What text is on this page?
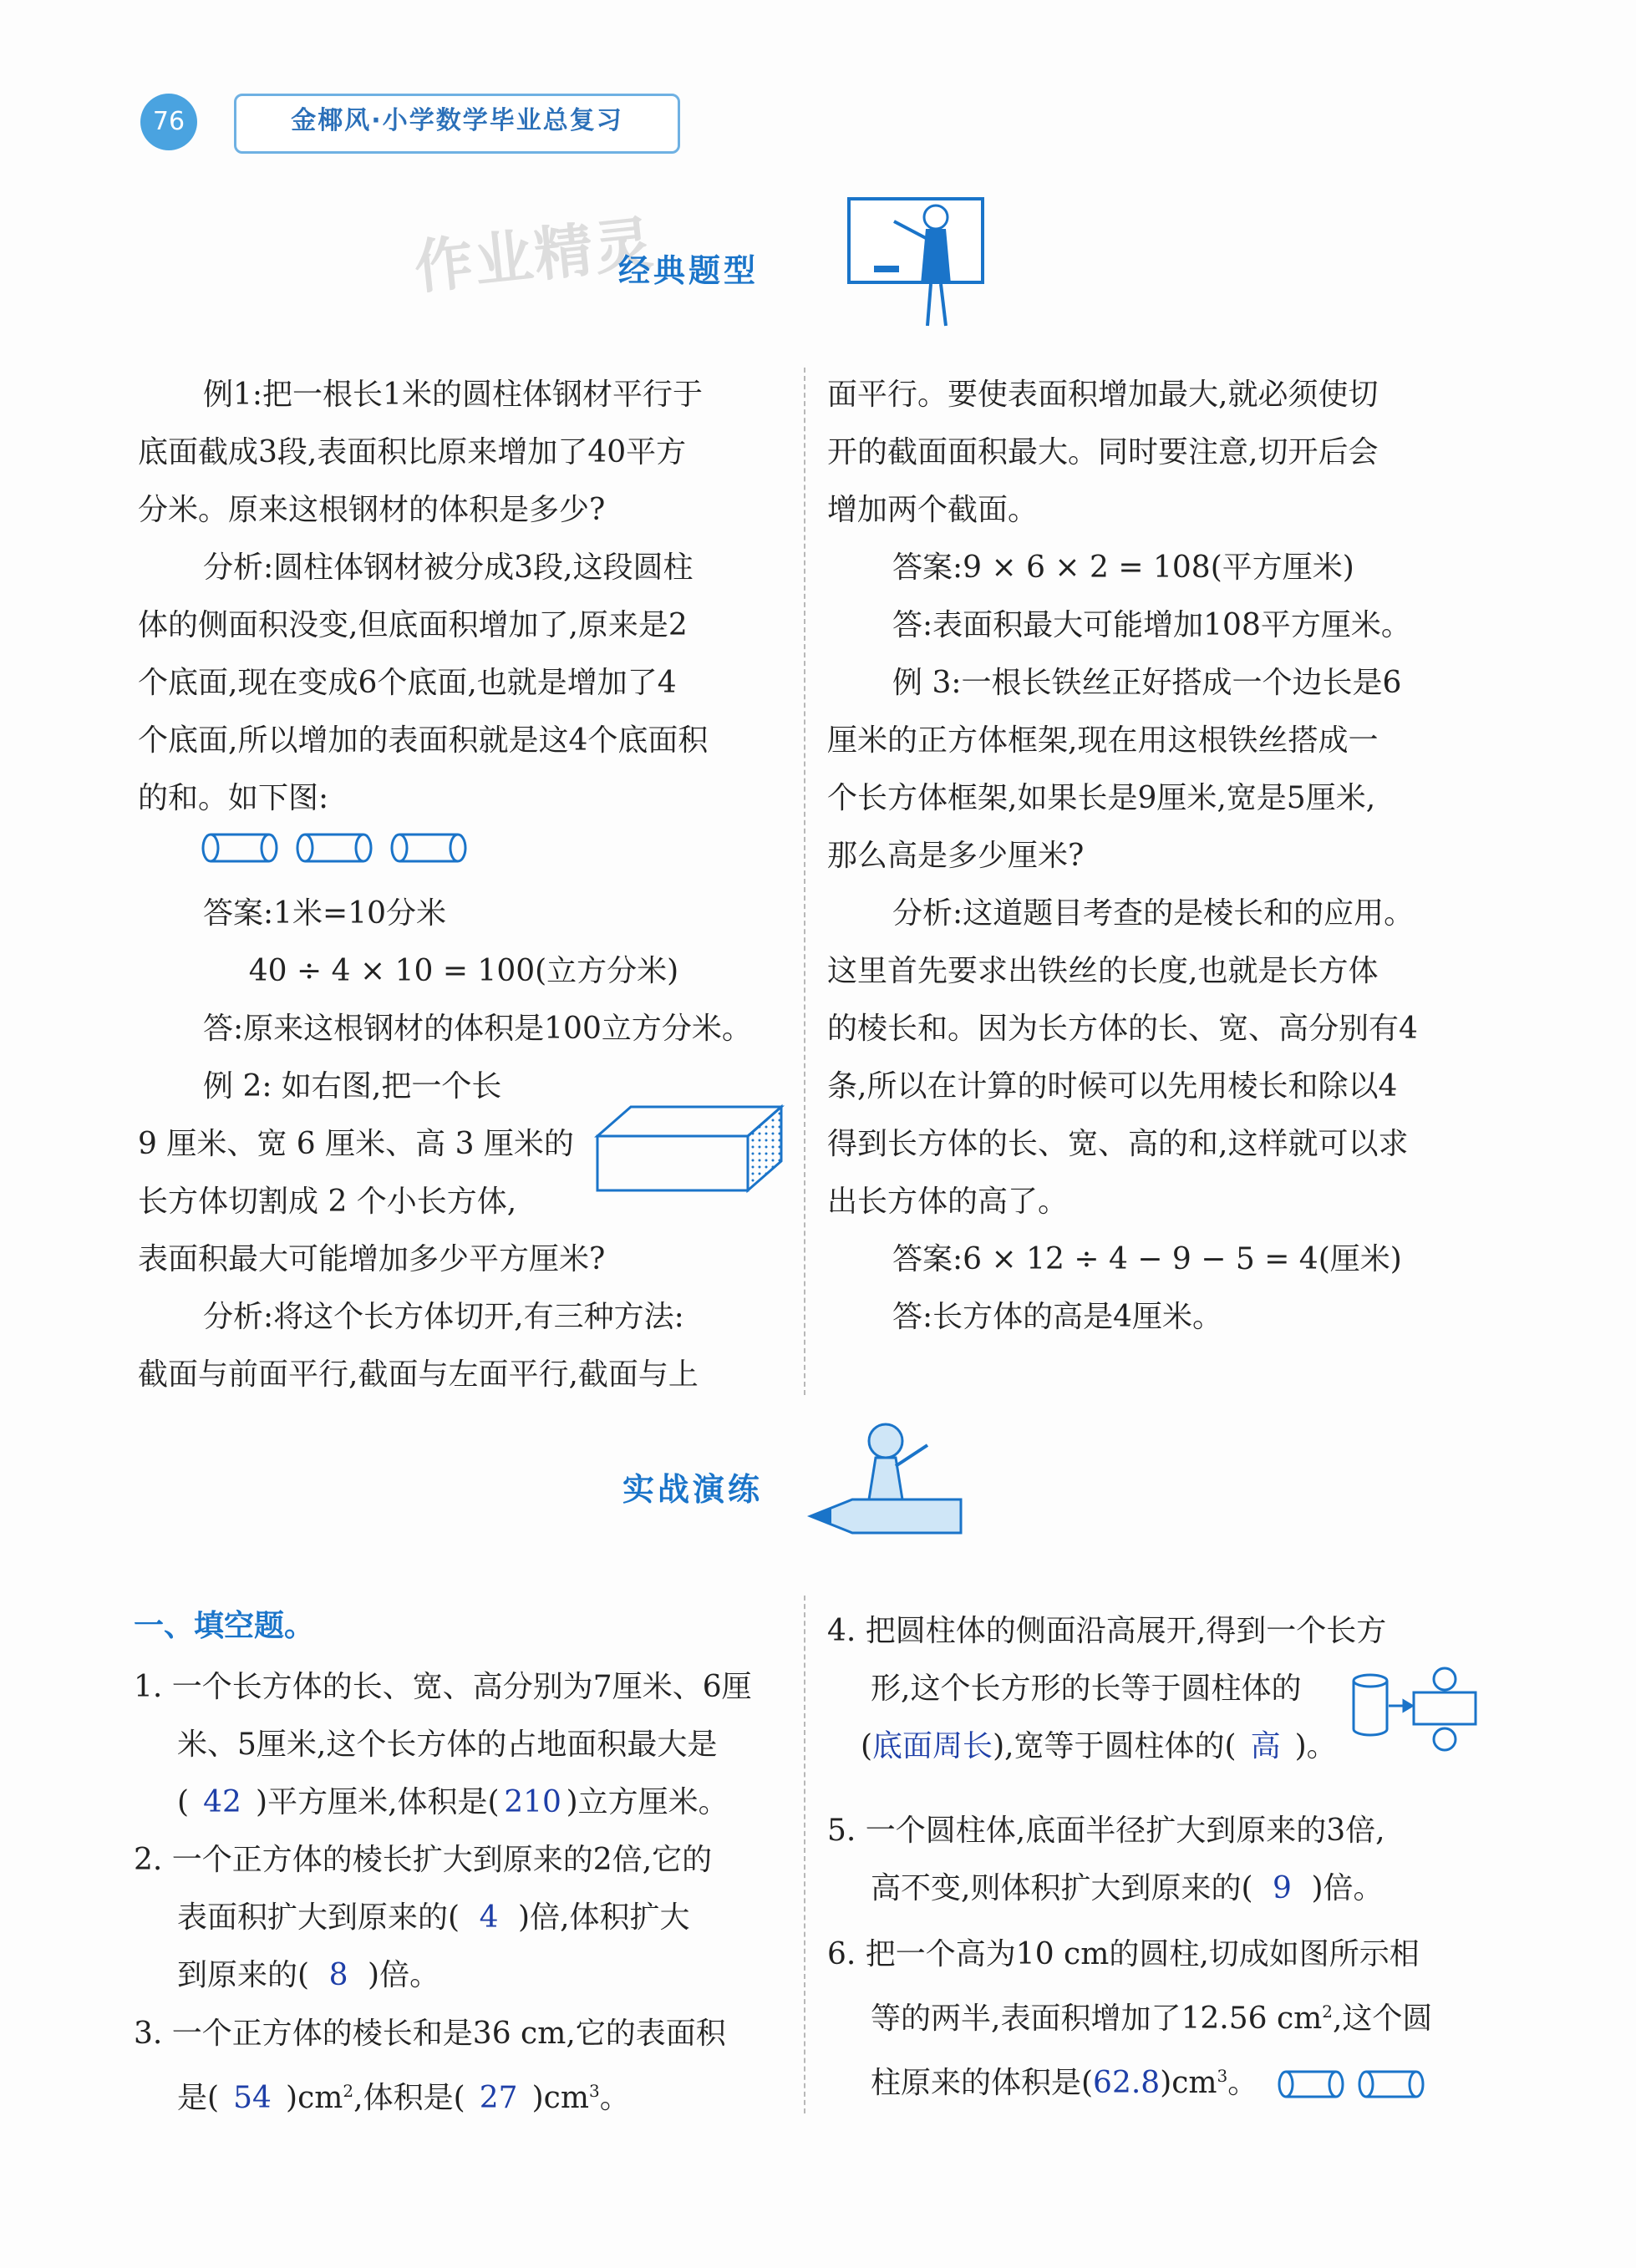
76	金椰风·小学数学毕业总复习
作业精灵
经典题型

例1:把一根长1米的圆柱体钢材平行于

底面截成3段,表面积比原来增加了40平方

分米。原来这根钢材的体积是多少?

分析:圆柱体钢材被分成3段,这段圆柱

体的侧面积没变,但底面积增加了,原来是2

个底面,现在变成6个底面,也就是增加了4

个底面,所以增加的表面积就是这4个底面积

的和。如下图:

答案:1米=10分米

40 ÷ 4 × 10 = 100(立方分米)

答:原来这根钢材的体积是100立方分米。

例 2: 如右图,把一个长

9 厘米、宽 6 厘米、高 3 厘米的

长方体切割成 2 个小长方体,

表面积最大可能增加多少平方厘米?

分析:将这个长方体切开,有三种方法:

截面与前面平行,截面与左面平行,截面与上

面平行。要使表面积增加最大,就必须使切

开的截面面积最大。同时要注意,切开后会

增加两个截面。

答案:9 × 6 × 2 = 108(平方厘米)

答:表面积最大可能增加108平方厘米。

例 3:一根长铁丝正好搭成一个边长是6

厘米的正方体框架,现在用这根铁丝搭成一

个长方体框架,如果长是9厘米,宽是5厘米,

那么高是多少厘米?

分析:这道题目考查的是棱长和的应用。

这里首先要求出铁丝的长度,也就是长方体

的棱长和。因为长方体的长、宽、高分别有4

条,所以在计算的时候可以先用棱长和除以4

得到长方体的长、宽、高的和,这样就可以求

出长方体的高了。

答案:6 × 12 ÷ 4 − 9 − 5 = 4(厘米)

答:长方体的高是4厘米。

实战演练
一、填空题。
1. 一个长方体的长、宽、高分别为7厘米、6厘
米、5厘米,这个长方体的占地面积最大是
( 42 )平方厘米,体积是( 210 )立方厘米。
2. 一个正方体的棱长扩大到原来的2倍,它的
表面积扩大到原来的( 4 )倍,体积扩大
到原来的( 8 )倍。
3. 一个正方体的棱长和是36 cm,它的表面积
是( 54 )$cm^2$,体积是( 27 )$cm^3$。
4. 把圆柱体的侧面沿高展开,得到一个长方
形,这个长方形的长等于圆柱体的
(底面周长),宽等于圆柱体的( 高 )。
5. 一个圆柱体,底面半径扩大到原来的3倍,
高不变,则体积扩大到原来的( 9 )倍。
6. 把一个高为10 cm的圆柱,切成如图所示相
等的两半,表面积增加了12.56 $cm^2$,这个圆
柱原来的体积是$(62.8)cm^3$。
